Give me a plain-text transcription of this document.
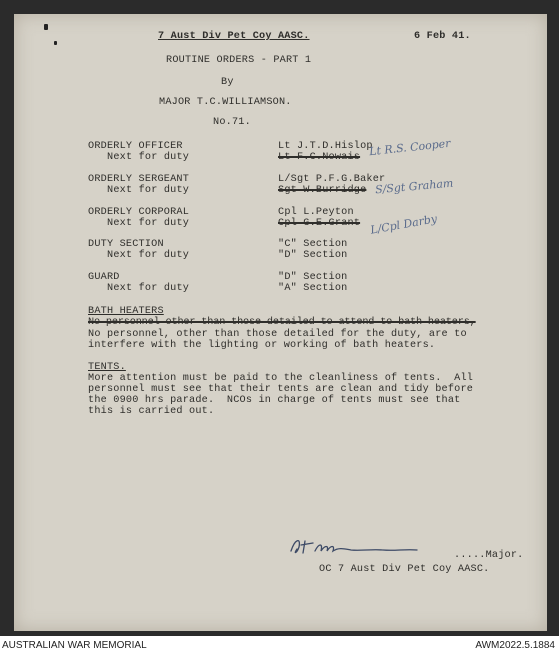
7 Aust Div Pet Coy AASC.	6 Feb 41.
ROUTINE ORDERS - PART 1
By
MAJOR T.C.WILLIAMSON.
No.71.
ORDERLY OFFICER
Next for duty
Lt J.T.D.Hislop
Lt F.C.Nowais Lt R.S. Cooper
ORDERLY SERGEANT
Next for duty
L/Sgt P.F.G.Baker
Sgt W.Burridge S/Sgt Graham
ORDERLY CORPORAL
Next for duty
Cpl L.Peyton
Cpl G.E.Grant L/Cpl Darby
DUTY SECTION
Next for duty
"C" Section
"D" Section
GUARD
Next for duty
"D" Section
"A" Section
BATH HEATERS
No personnel other than those detailed to attend to bath heaters,
No personnel, other than those detailed for the duty, are to
interfere with the lighting or working of bath heaters.
TENTS.
More attention must be paid to the cleanliness of tents.  All
personnel must see that their tents are clean and tidy before
the 0900 hrs parade.  NCOs in charge of tents must see that
this is carried out.
.....Major.
OC 7 Aust Div Pet Coy AASC.
AUSTRALIAN WAR MEMORIAL	AWM2022.5.1884
